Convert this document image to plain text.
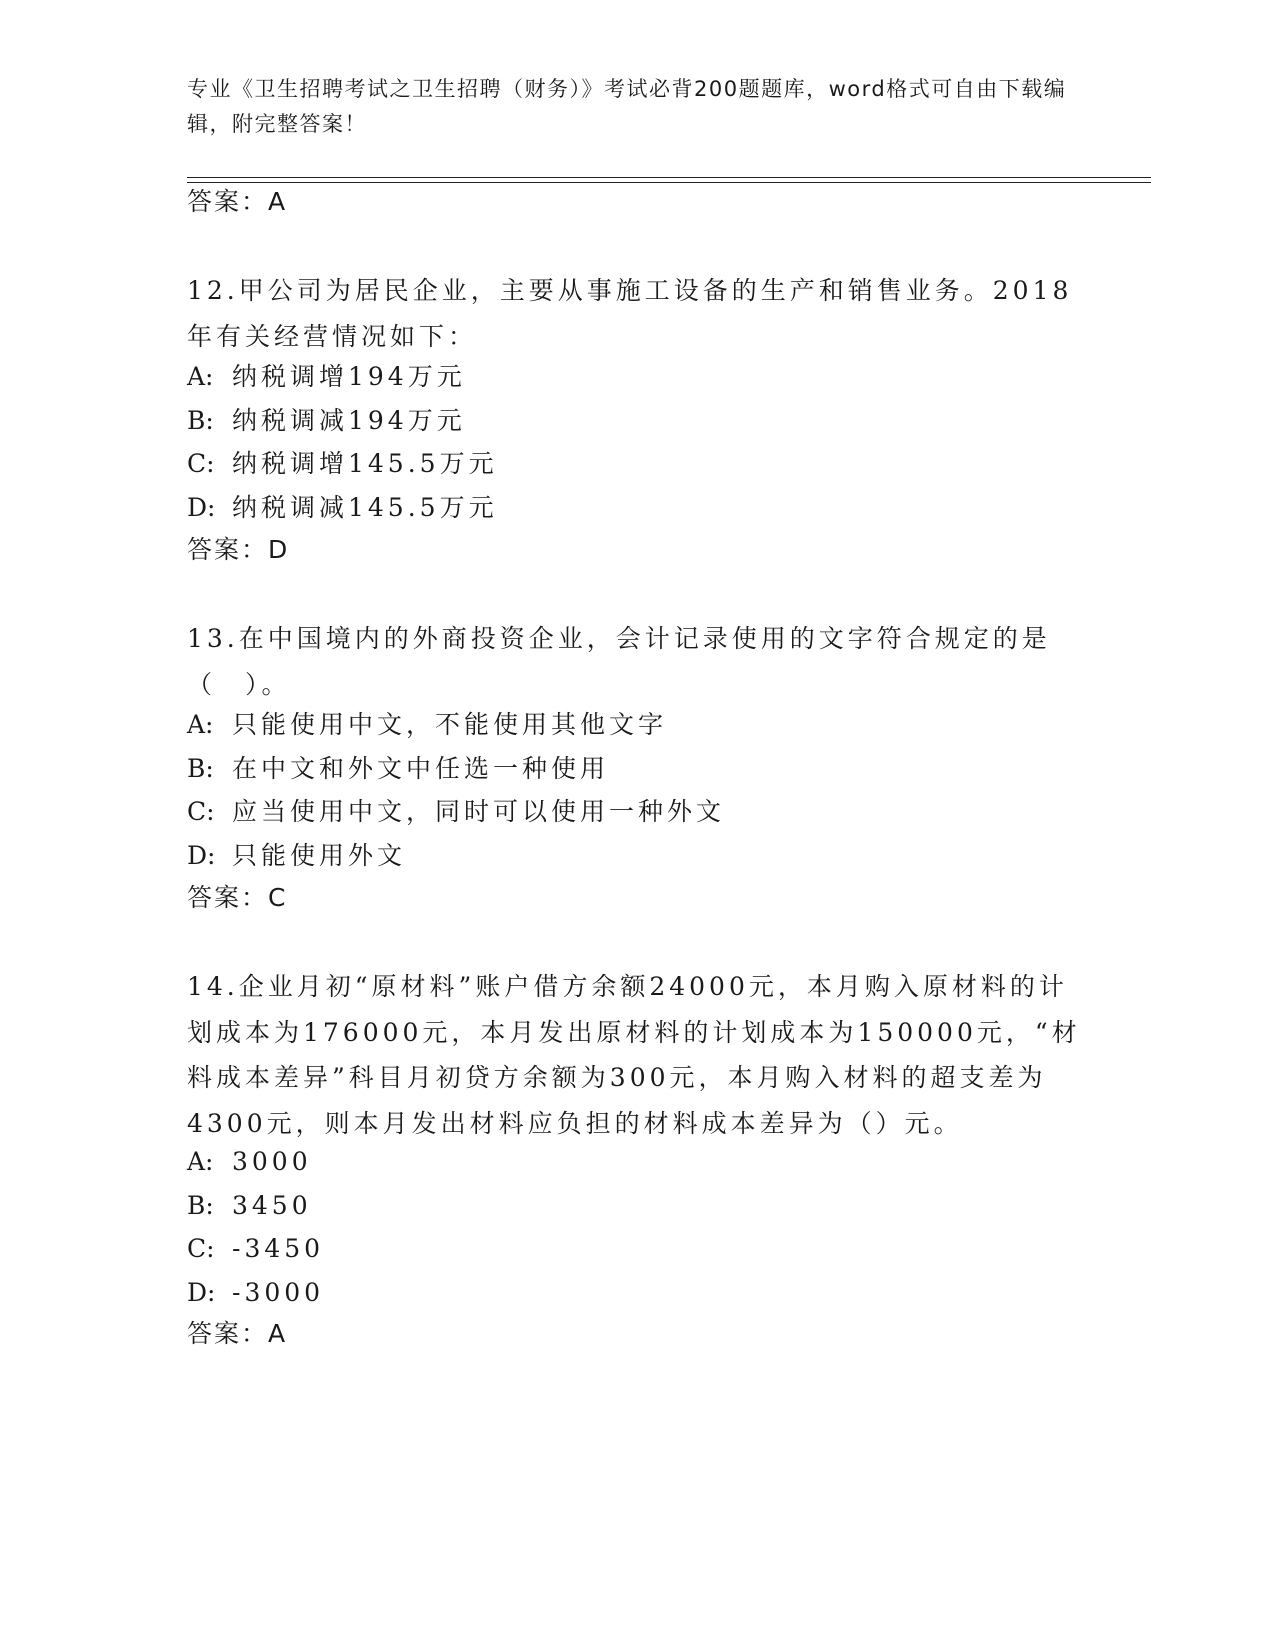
专业《卫生招聘考试之卫生招聘（财务）》考试必背200题题库，word格式可自由下载编辑，附完整答案！
答案：A

12.甲公司为居民企业，主要从事施工设备的生产和销售业务。2018年有关经营情况如下：

A: 纳税调增194万元
B: 纳税调减194万元
C: 纳税调增145.5万元
D: 纳税调减145.5万元
答案：D

13.在中国境内的外商投资企业，会计记录使用的文字符合规定的是（　）。

A: 只能使用中文，不能使用其他文字
B: 在中文和外文中任选一种使用
C: 应当使用中文，同时可以使用一种外文
D: 只能使用外文
答案：C

14.企业月初“原材料”账户借方余额24000元，本月购入原材料的计划成本为176000元，本月发出原材料的计划成本为150000元，“材料成本差异”科目月初贷方余额为300元，本月购入材料的超支差为4300元，则本月发出材料应负担的材料成本差异为（）元。

A: 3000
B: 3450
C: -3450
D: -3000
答案：A
